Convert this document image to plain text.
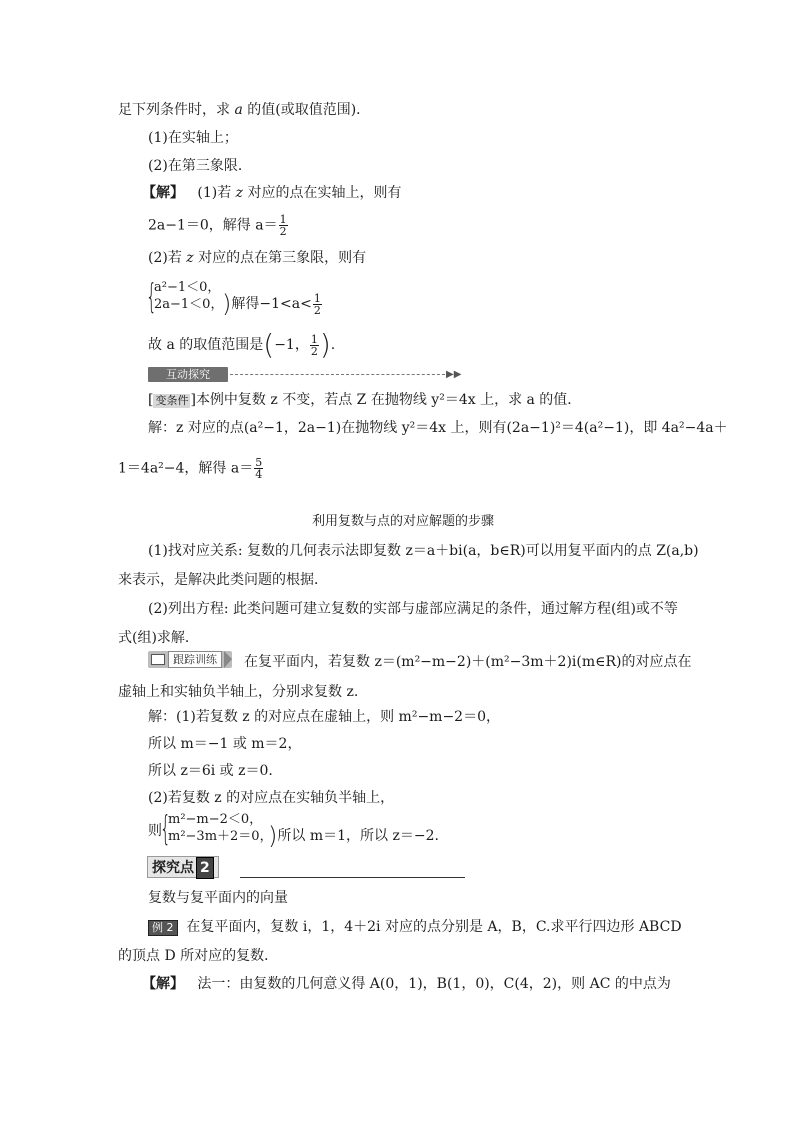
足下列条件时，求 a 的值(或取值范围)．
(1)在实轴上；
(2)在第三象限．
【解】 (1)若 z 对应的点在实轴上，则有
2a−1＝0，解得 $a= \frac{1}{2}$
(2)若 z 对应的点在第三象限，则有
{
a²−1＜0，
2a−1＜0，
)解得$-1<a< \frac{1}{2}$
故 a 的取值范围是(−1， $\frac{1}{2}$ ).
互动探究	▶▶
[ 变条件 ]本例中复数 z 不变，若点 Z 在抛物线 y²＝4x 上，求 a 的值．
解：z 对应的点(a²−1，2a−1)在抛物线 y²＝4x 上，则有(2a−1)²＝4(a²−1)，即 4a²−4a＋
1＝4a²−4，解得 $a= \frac{5}{4}$
利用复数与点的对应解题的步骤
(1)找对应关系: 复数的几何表示法即复数 z＝a＋bi(a，b∈R)可以用复平面内的点 Z(a,b)
来表示，是解决此类问题的根据．
(2)列出方程: 此类问题可建立复数的实部与虚部应满足的条件，通过解方程(组)或不等
式(组)求解．
跟踪训练	在复平面内，若复数 z＝(m²−m−2)＋(m²−3m＋2)i(m∈R)的对应点在
虚轴上和实轴负半轴上，分别求复数 z.
解：(1)若复数 z 的对应点在虚轴上，则 m²−m−2＝0，
所以 m＝−1 或 m＝2，
所以 z＝6i 或 z＝0.
(2)若复数 z 的对应点在实轴负半轴上，
则
{
m²−m−2＜0，
m²−3m＋2＝0，
)所以 m＝1，所以 z＝−2.
探究点 2
复数与复平面内的向量
例 2 在复平面内，复数 i，1，4＋2i 对应的点分别是 A，B，C.求平行四边形 ABCD
的顶点 D 所对应的复数．
【解】 法一：由复数的几何意义得 A(0，1)，B(1，0)，C(4，2)，则 AC 的中点为
